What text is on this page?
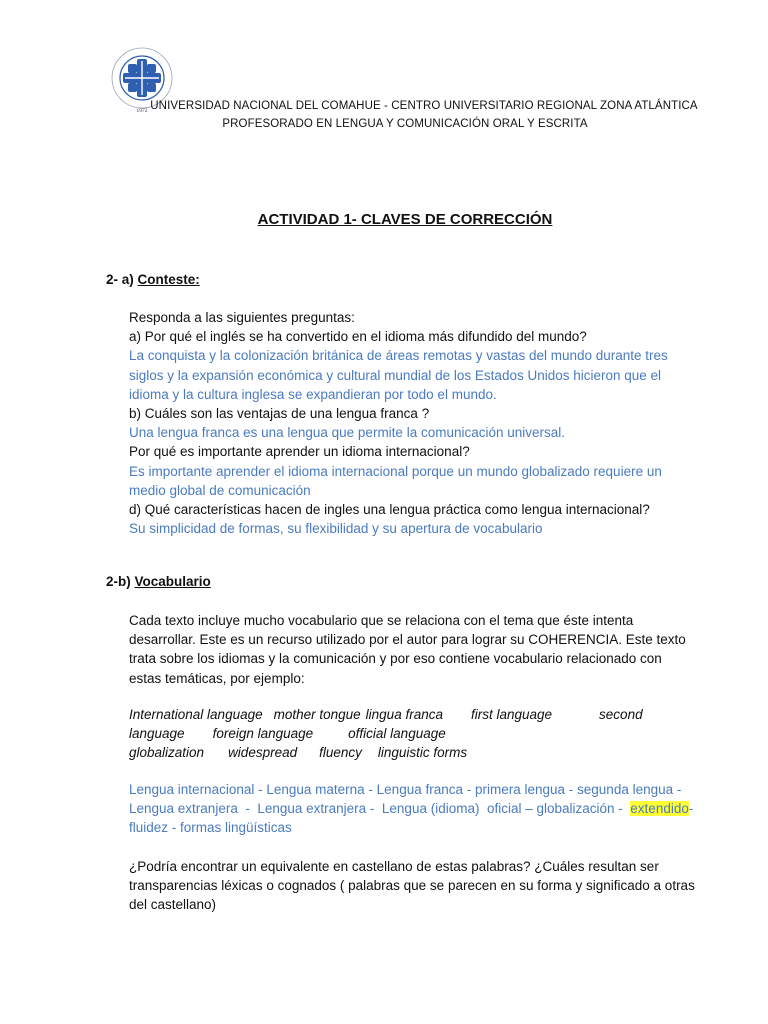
1972 UNIVERSIDAD NACIONAL DEL COMAHUE - CENTRO UNIVERSITARIO REGIONAL ZONA ATLÁNTICA
PROFESORADO EN LENGUA Y COMUNICACIÓN ORAL Y ESCRITA
ACTIVIDAD 1- CLAVES DE CORRECCIÓN
2- a) Conteste:
Responda a las siguientes preguntas:
a) Por qué el inglés se ha convertido en el idioma más difundido del mundo?
La conquista y la colonización británica de áreas remotas y vastas del mundo durante tres
siglos y la expansión económica y cultural mundial de los Estados Unidos hicieron que el
idioma y la cultura inglesa se expandieran por todo el mundo.
b) Cuáles son las ventajas de una lengua franca ?
Una lengua franca es una lengua que permite la comunicación universal.
Por qué es importante aprender un idioma internacional?
Es importante aprender el idioma internacional porque un mundo globalizado requiere un
medio global de comunicación
d) Qué características hacen de ingles una lengua práctica como lengua internacional?
Su simplicidad de formas, su flexibilidad y su apertura de vocabulario
2-b) Vocabulario
Cada texto incluye mucho vocabulario que se relaciona con el tema que éste intenta
desarrollar. Este es un recurso utilizado por el autor para lograr su COHERENCIA. Este texto
trata sobre los idiomas y la comunicación y por eso contiene vocabulario relacionado con
estas temáticas, por ejemplo:
International language mother tongue lingua franca first language	second
language foreign language	official language
globalization widespread fluency linguistic forms
Lengua internacional - Lengua materna - Lengua franca - primera lengua - segunda lengua -
Lengua extranjera  -  Lengua extranjera -  Lengua (idioma)  oficial – globalización -  extendido-
fluidez - formas lingüísticas
¿Podría encontrar un equivalente en castellano de estas palabras? ¿Cuáles resultan ser
transparencias léxicas o cognados ( palabras que se parecen en su forma y significado a otras
del castellano)
